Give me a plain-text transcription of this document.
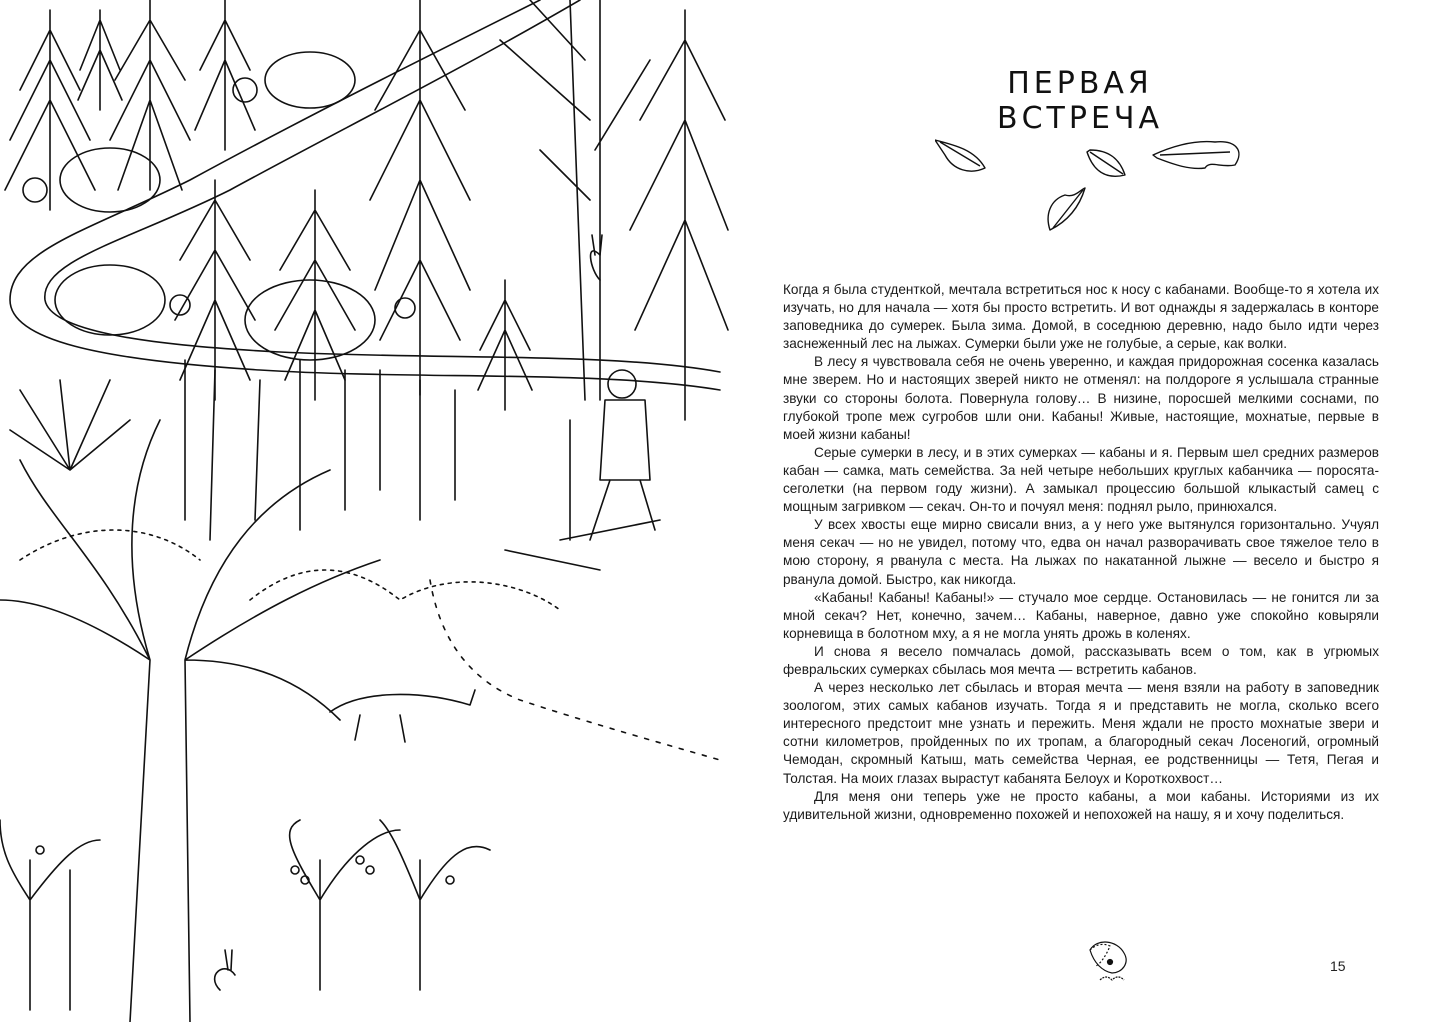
ПЕРВАЯ ВСТРЕЧА

Когда я была студенткой, мечтала встретиться нос к носу с кабанами. Вообще-то я хотела их изучать, но для начала — хотя бы просто встретить. И вот однажды я задержалась в конторе заповедника до сумерек. Была зима. Домой, в соседнюю деревню, надо было идти через заснеженный лес на лыжах. Сумерки были уже не голубые, а серые, как волки.

В лесу я чувствовала себя не очень уверенно, и каждая придорожная сосенка казалась мне зверем. Но и настоящих зверей никто не отменял: на полдороге я услышала странные звуки со стороны болота. Повернула голову… В низине, поросшей мелкими соснами, по глубокой тропе меж сугробов шли они. Кабаны! Живые, настоящие, мохнатые, первые в моей жизни кабаны!

Серые сумерки в лесу, и в этих сумерках — кабаны и я. Первым шел средних размеров кабан — самка, мать семейства. За ней четыре небольших круглых кабанчика — поросята-сеголетки (на первом году жизни). А замыкал процессию большой клыкастый самец с мощным загривком — секач. Он-то и почуял меня: поднял рыло, принюхался.

У всех хвосты еще мирно свисали вниз, а у него уже вытянулся горизонтально. Учуял меня секач — но не увидел, потому что, едва он начал разворачивать свое тяжелое тело в мою сторону, я рванула с места. На лыжах по накатанной лыжне — весело и быстро я рванула домой. Быстро, как никогда.

«Кабаны! Кабаны! Кабаны!» — стучало мое сердце. Остановилась — не гонится ли за мной секач? Нет, конечно, зачем… Кабаны, наверное, давно уже спокойно ковыряли корневища в болотном мху, а я не могла унять дрожь в коленях.

И снова я весело помчалась домой, рассказывать всем о том, как в угрюмых февральских сумерках сбылась моя мечта — встретить кабанов.

А через несколько лет сбылась и вторая мечта — меня взяли на работу в заповедник зоологом, этих самых кабанов изучать. Тогда я и представить не могла, сколько всего интересного предстоит мне узнать и пережить. Меня ждали не просто мохнатые звери и сотни километров, пройденных по их тропам, а благородный секач Лосеногий, огромный Чемодан, скромный Катыш, мать семейства Черная, ее родственницы — Тетя, Пегая и Толстая. На моих глазах вырастут кабанята Белоух и Короткохвост…

Для меня они теперь уже не просто кабаны, а мои кабаны. Историями из их удивительной жизни, одновременно похожей и непохожей на нашу, я и хочу поделиться.

15
